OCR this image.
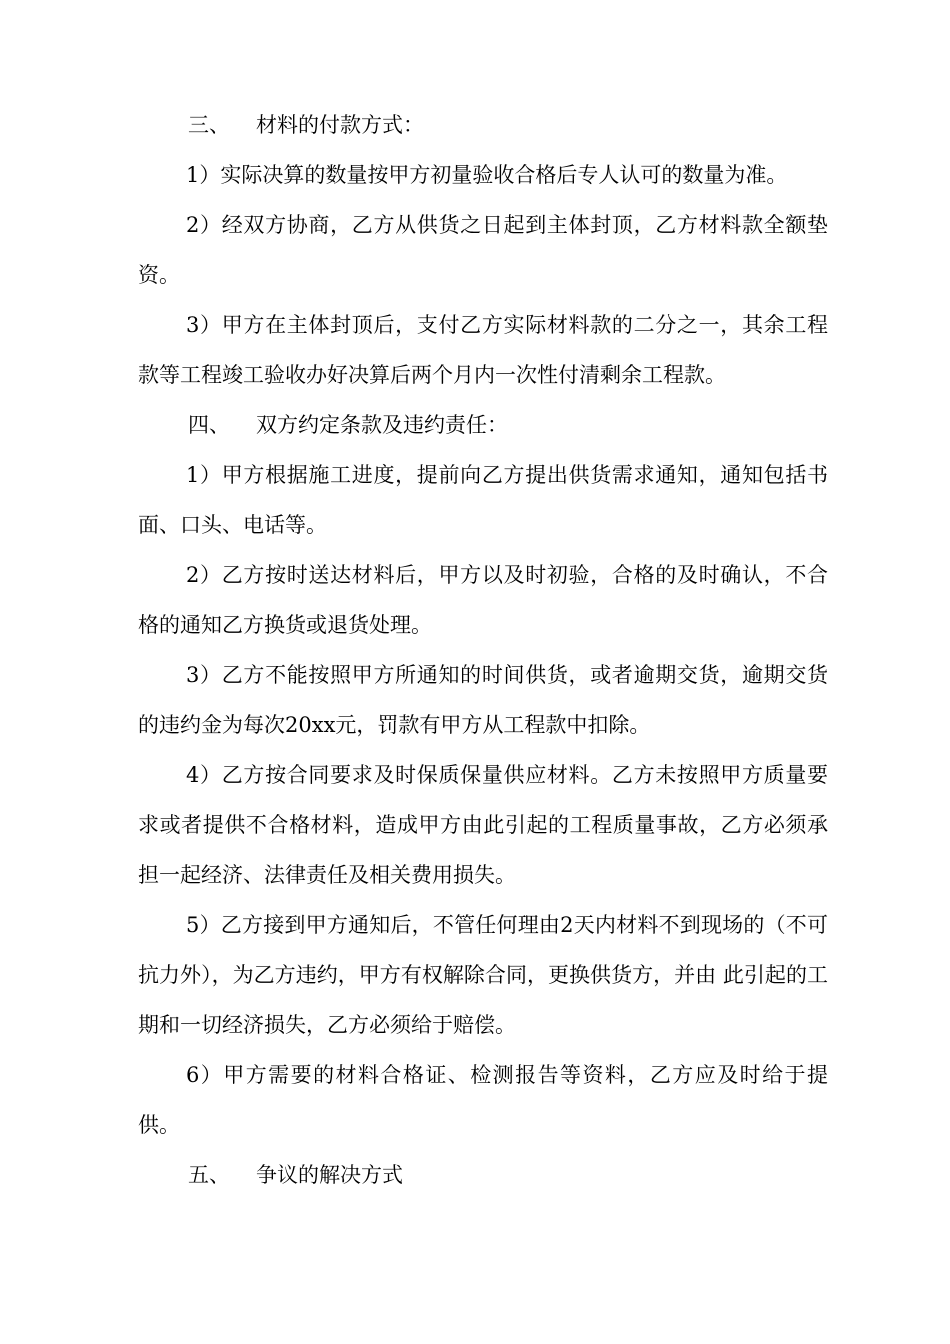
三、 材料的付款方式：

1）实际决算的数量按甲方初量验收合格后专人认可的数量为准。

2）经双方协商，乙方从供货之日起到主体封顶，乙方材料款全额垫资。

3）甲方在主体封顶后，支付乙方实际材料款的二分之一，其余工程款等工程竣工验收办好决算后两个月内一次性付清剩余工程款。

四、 双方约定条款及违约责任：

1）甲方根据施工进度，提前向乙方提出供货需求通知，通知包括书面、口头、电话等。

2）乙方按时送达材料后，甲方以及时初验，合格的及时确认，不合格的通知乙方换货或退货处理。

3）乙方不能按照甲方所通知的时间供货，或者逾期交货，逾期交货的违约金为每次20xx元，罚款有甲方从工程款中扣除。

4）乙方按合同要求及时保质保量供应材料。乙方未按照甲方质量要求或者提供不合格材料，造成甲方由此引起的工程质量事故，乙方必须承担一起经济、法律责任及相关费用损失。

5）乙方接到甲方通知后，不管任何理由2天内材料不到现场的（不可抗力外），为乙方违约，甲方有权解除合同，更换供货方，并由 此引起的工期和一切经济损失，乙方必须给于赔偿。

6）甲方需要的材料合格证、检测报告等资料，乙方应及时给于提供。

五、 争议的解决方式
